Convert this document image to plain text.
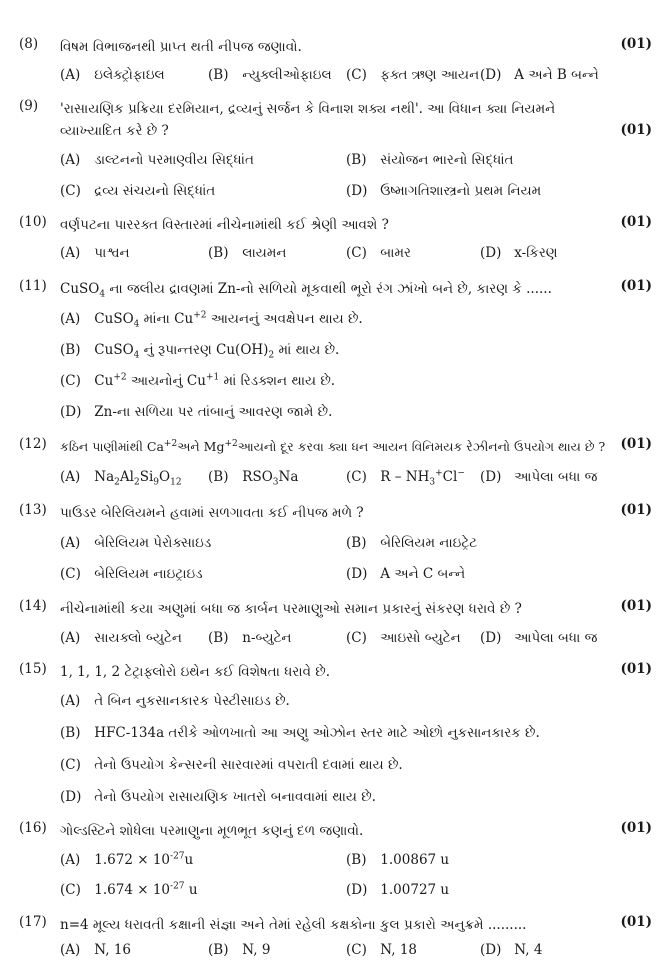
(8) વિષમ વિભાજનથી પ્રાપ્ત થતી નીપજ જણાવો.	(01)
(A) ઇલેક્ટ્રોફાઇલ	(B) ન્યુક્લીઓફાઇલ (C) ફક્ત ઋણ આયન (D) A અને B બન્ને
(9) 'રાસાયણિક પ્રક્રિયા દરમિયાન, દ્રવ્યનું સર્જન કે વિનાશ શક્ય નથી'. આ વિધાન ક્યા નિયમને વ્યાખ્યાદિત કરે છે ?	(01)
(A) ડાલ્ટનનો પરમાણ્વીય સિદ્ધાંત	(B) સંયોજન ભારનો સિદ્ધાંત
(C) દ્રવ્ય સંચયનો સિદ્ધાંત	(D) ઉષ્માગતિશાસ્ત્રનો પ્રથમ નિયમ
(10) વર્ણપટના પારરક્ત વિસ્તારમાં નીચેનામાંથી કઈ શ્રેણી આવશે ?	(01)
(A) પાશ્વન	(B) લાયમન	(C) બામર	(D) x-કિરણ
(11) CuSO$_4$ ના જલીય દ્રાવણમાં Zn-નો સળિયો મૂકવાથી ભૂરો રંગ ઝાંખો બને છે, કારણ કે ......	(01)
(A) CuSO$_4$ માંના $Cu^{+2}$ આયનનું અવક્ષેપન થાય છે.
(B) CuSO$_4$ નું રૂપાન્તરણ $Cu(OH)_2$ માં થાય છે.
(C) $Cu^{+2}$ આયનોનું $Cu^{+1}$ માં રિડક્શન થાય છે.
(D) Zn-ના સળિયા પર તાંબાનું આવરણ જામે છે.
(12) કઠિન પાણીમાંથી $Ca^{+2}અને$ $Mg^{+2}આયનો$ દૂર કરવા ક્યા ધન આયન વિનિમયક રેઝીનનો ઉપયોગ થાય છે ?	(01)
(A) $Na_2Al_2Si_9O_{12}$ (B) $RSO_3Na$	(C) R – $NH_3^+Cl^-$ (D) આપેલા બધા જ
(13) પાઉડર બેરિલિયમને હવામાં સળગાવતા કઈ નીપજ મળે ?	(01)
(A) બેરિલિયમ પેરોક્સાઇડ	(B) બેરિલિયમ નાઇટ્રેટ
(C) બેરિલિયમ નાઇટ્રાઇડ	(D) A અને C બન્ને
(14) નીચેનામાંથી કયા અણુમાં બધા જ કાર્બન પરમાણુઓ સમાન પ્રકારનું સંકરણ ધરાવે છે ?	(01)
(A) સાયક્લો બ્યુટેન (B) n-બ્યુટેન	(C) આઇસો બ્યુટેન (D) આપેલા બધા જ
(15) 1, 1, 1, 2 ટેટ્રાફ્લોરો ઇથેન કઈ વિશેષતા ધરાવે છે.	(01)
(A) તે બિન નુકસાનકારક પેસ્ટીસાઇડ છે.
(B) HFC-134a તરીકે ઓળખાતો આ અણુ ઓઝોન સ્તર માટે ઓછો નુકસાનકારક છે.
(C) તેનો ઉપયોગ કેન્સરની સારવારમાં વપરાતી દવામાં થાય છે.
(D) તેનો ઉપયોગ રાસાયણિક ખાતરો બનાવવામાં થાય છે.
(16) ગોલ્ડસ્ટિને શોધેલા પરમાણુના મૂળભૂત કણનું દળ જણાવો.	(01)
(A) $1.672 \times 10^{-27}u$	(B) 1.00867 u
(C) $1.674 \times 10^{-27}$ u	(D) 1.00727 u
(17) n=4 મૂલ્ય ધરાવતી કક્ષાની સંજ્ઞા અને તેમાં રહેલી કક્ષકોના કુલ પ્રકારો અનુક્રમે .........	(01)
(A) N, 16	(B) N, 9	(C) N, 18	(D) N, 4
